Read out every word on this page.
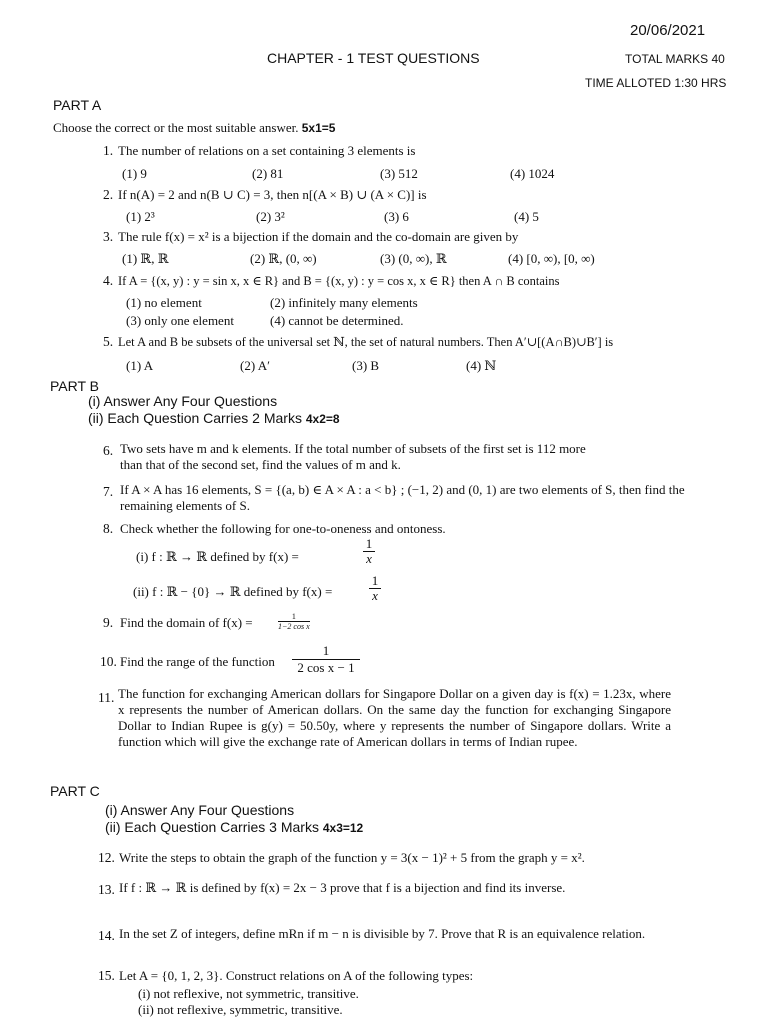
20/06/2021
CHAPTER - 1 TEST QUESTIONS	TOTAL MARKS 40
TIME ALLOTED 1:30 HRS
PART A
Choose the correct or the most suitable answer. 5x1=5
1. The number of relations on a set containing 3 elements is
(1) 9	(2) 81	(3) 512	(4) 1024
2. If n(A) = 2 and n(B ∪ C) = 3, then n[(A × B) ∪ (A × C)] is
(1) 2³	(2) 3²	(3) 6	(4) 5
3. The rule f(x) = x² is a bijection if the domain and the co-domain are given by
(1) ℝ, ℝ	(2) ℝ, (0, ∞)	(3) (0, ∞), ℝ	(4) [0, ∞), [0, ∞)
4. If A = {(x, y) : y = sin x, x ∈ R} and B = {(x, y) : y = cos x, x ∈ R} then A ∩ B contains
(1) no element	(2) infinitely many elements
(3) only one element	(4) cannot be determined.
5. Let A and B be subsets of the universal set ℕ, the set of natural numbers. Then A′∪[(A∩B)∪B′] is
(1) A	(2) A′	(3) B	(4) ℕ
PART B
(i) Answer Any Four Questions
(ii) Each Question Carries 2 Marks 4x2=8
6. Two sets have m and k elements. If the total number of subsets of the first set is 112 more than that of the second set, find the values of m and k.
7. If A × A has 16 elements, S = {(a, b) ∈ A × A : a < b} ; (−1, 2) and (0, 1) are two elements of S, then find the remaining elements of S.
8. Check whether the following for one-to-oneness and ontoness.
(i) f : ℝ → ℝ defined by f(x) =	$\frac{1}{x}$
(ii) f : ℝ − {0} → ℝ defined by f(x) =	$\frac{1}{x}$
9. Find the domain of f(x) =	$\frac{1}{\text{1−2 cos x}}$
10. Find the range of the function $\frac{1}{\text{2 cos x − 1}}$
11. The function for exchanging American dollars for Singapore Dollar on a given day is f(x) = 1.23x, where x represents the number of American dollars. On the same day the function for exchanging Singapore Dollar to Indian Rupee is g(y) = 50.50y, where y represents the number of Singapore dollars. Write a function which will give the exchange rate of American dollars in terms of Indian rupee.
PART C
(i) Answer Any Four Questions
(ii) Each Question Carries 3 Marks 4x3=12
12. Write the steps to obtain the graph of the function y = 3(x − 1)² + 5 from the graph y = x².
13. If f : ℝ → ℝ is defined by f(x) = 2x − 3 prove that f is a bijection and find its inverse.
14. In the set Z of integers, define mRn if m − n is divisible by 7. Prove that R is an equivalence relation.
15. Let A = {0, 1, 2, 3}. Construct relations on A of the following types:
(i) not reflexive, not symmetric, transitive.
(ii) not reflexive, symmetric, transitive.
